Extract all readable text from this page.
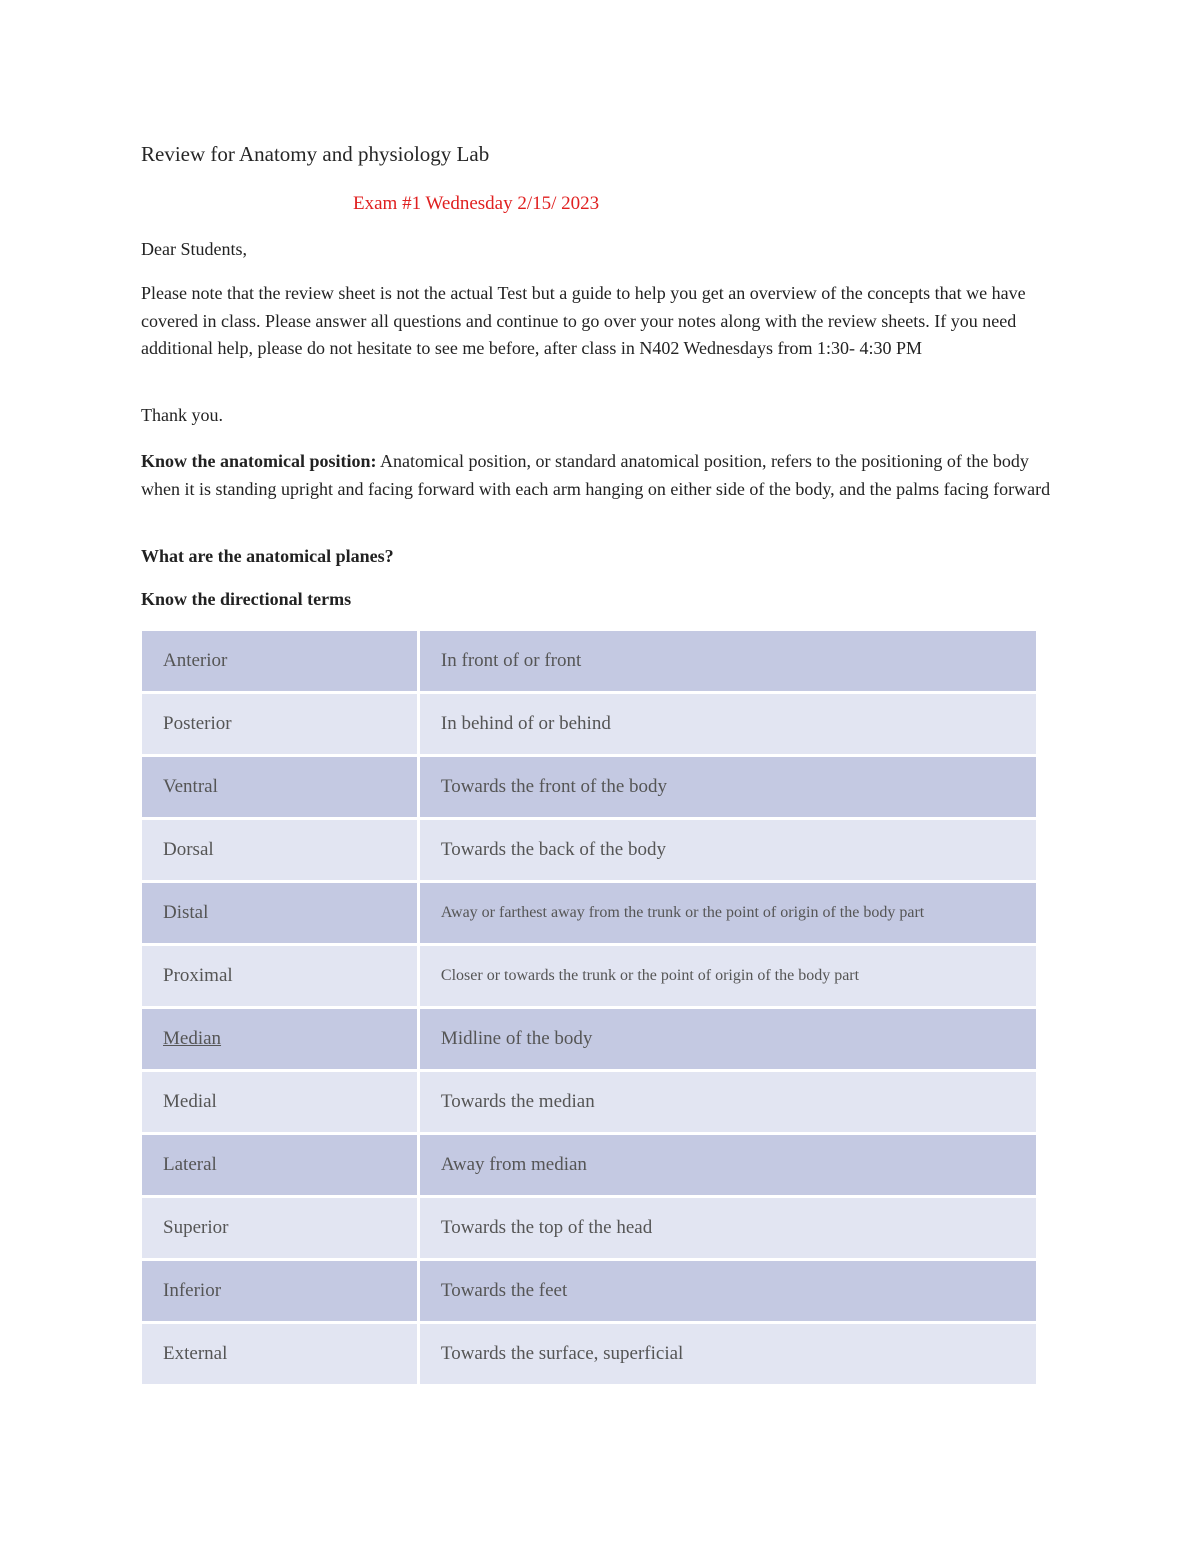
Review for Anatomy and physiology Lab
Exam #1 Wednesday 2/15/ 2023
Dear Students,
Please note that the review sheet is not the actual Test but a guide to help you get an overview of the concepts that we have covered in class. Please answer all questions and continue to go over your notes along with the review sheets. If you need additional help, please do not hesitate to see me before, after class in N402 Wednesdays from 1:30- 4:30 PM
Thank you.
Know the anatomical position: Anatomical position, or standard anatomical position, refers to the positioning of the body when it is standing upright and facing forward with each arm hanging on either side of the body, and the palms facing forward
What are the anatomical planes?
Know the directional terms
Anterior	In front of or front
Posterior	In behind of or behind
Ventral	Towards the front of the body
Dorsal	Towards the back of the body
Distal	Away or farthest away from the trunk or the point of origin of the body part
Proximal	Closer or towards the trunk or the point of origin of the body part
Median	Midline of the body
Medial	Towards the median
Lateral	Away from median
Superior	Towards the top of the head
Inferior	Towards the feet
External	Towards the surface, superficial
